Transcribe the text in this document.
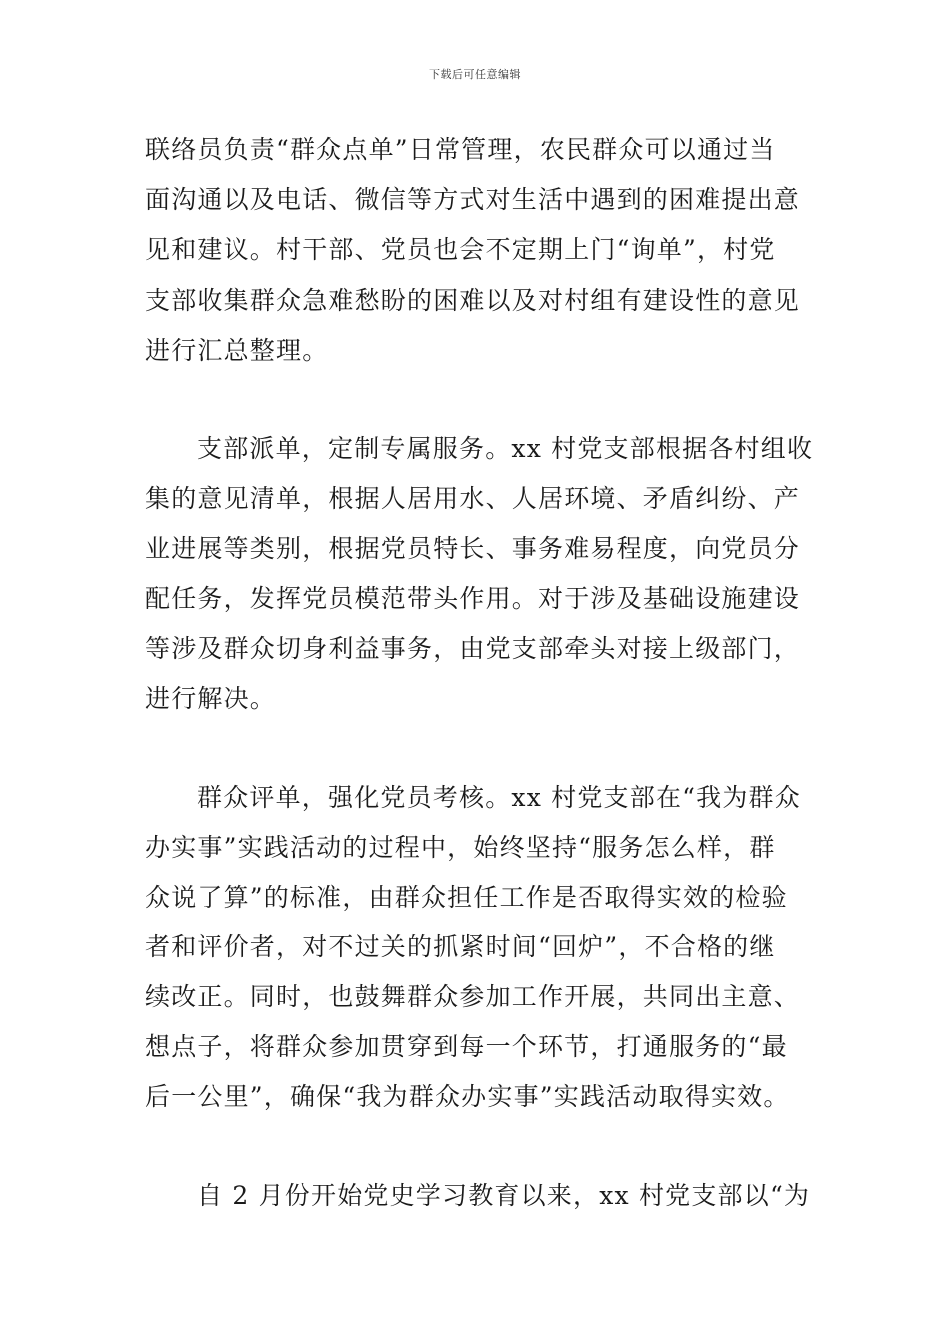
下载后可任意编辑
联络员负责“群众点单”日常管理，农民群众可以通过当
面沟通以及电话、微信等方式对生活中遇到的困难提出意
见和建议。村干部、党员也会不定期上门“询单”，村党
支部收集群众急难愁盼的困难以及对村组有建设性的意见
进行汇总整理。
支部派单，定制专属服务。xx 村党支部根据各村组收
集的意见清单，根据人居用水、人居环境、矛盾纠纷、产
业进展等类别，根据党员特长、事务难易程度，向党员分
配任务，发挥党员模范带头作用。对于涉及基础设施建设
等涉及群众切身利益事务，由党支部牵头对接上级部门，
进行解决。
群众评单，强化党员考核。xx 村党支部在“我为群众
办实事”实践活动的过程中，始终坚持“服务怎么样，群
众说了算”的标准，由群众担任工作是否取得实效的检验
者和评价者，对不过关的抓紧时间“回炉”，不合格的继
续改正。同时，也鼓舞群众参加工作开展，共同出主意、
想点子，将群众参加贯穿到每一个环节，打通服务的“最
后一公里”，确保“我为群众办实事”实践活动取得实效。
自 2 月份开始党史学习教育以来，xx 村党支部以“为
